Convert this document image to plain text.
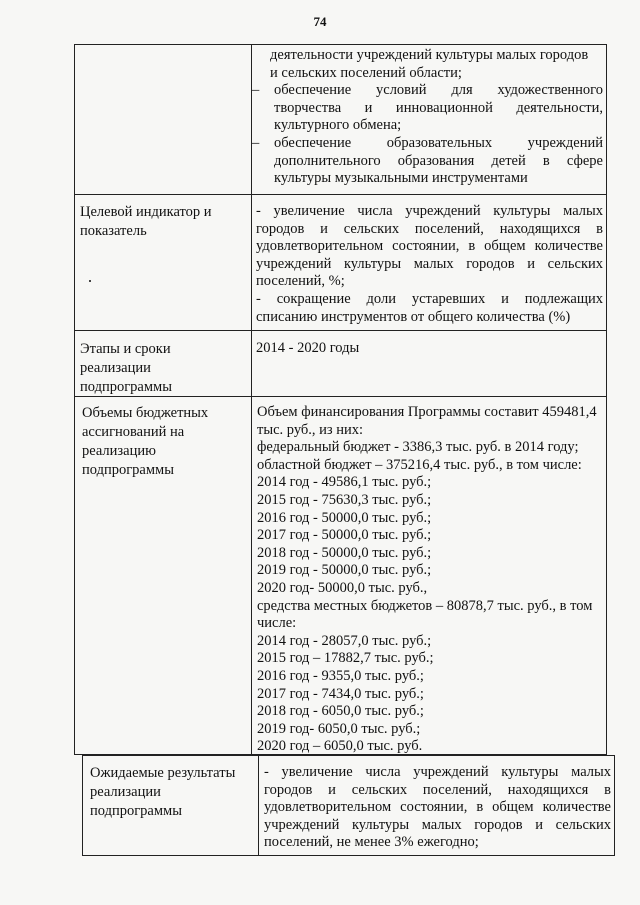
74
деятельности учреждений культуры малых городов
и сельских поселений области;
– обеспечение условий для художественного творчества и инновационной деятельности, культурного обмена;
– обеспечение образовательных учреждений дополнительного образования детей в сфере культуры музыкальными инструментами
Целевой индикатор и показатель

- увеличение числа учреждений культуры малых городов и сельских поселений, находящихся в удовлетворительном состоянии, в общем количестве учреждений культуры малых городов и сельских поселений, %;

- сокращение доли устаревших и подлежащих списанию инструментов от общего количества (%)

Этапы и сроки реализации подпрограммы
2014 - 2020 годы
Объемы бюджетных ассигнований на реализацию подпрограммы

Объем финансирования Программы составит 459481,4 тыс. руб., из них:

федеральный бюджет - 3386,3 тыс. руб. в 2014 году;
областной бюджет – 375216,4 тыс. руб., в том числе:
2014 год - 49586,1 тыс. руб.;
2015 год - 75630,3 тыс. руб.;
2016 год - 50000,0 тыс. руб.;
2017 год - 50000,0 тыс. руб.;
2018 год - 50000,0 тыс. руб.;
2019 год - 50000,0 тыс. руб.;
2020 год- 50000,0 тыс. руб.,

средства местных бюджетов – 80878,7 тыс. руб., в том числе:

2014 год - 28057,0 тыс. руб.;
2015 год – 17882,7 тыс. руб.;
2016 год - 9355,0 тыс. руб.;
2017 год - 7434,0 тыс. руб.;
2018 год - 6050,0 тыс. руб.;
2019 год- 6050,0 тыс. руб.;
2020 год – 6050,0 тыс. руб.
Ожидаемые результаты реализации подпрограммы
- увеличение числа учреждений культуры малых городов и сельских поселений, находящихся в удовлетворительном состоянии, в общем количестве учреждений культуры малых городов и сельских поселений, не менее 3% ежегодно;
